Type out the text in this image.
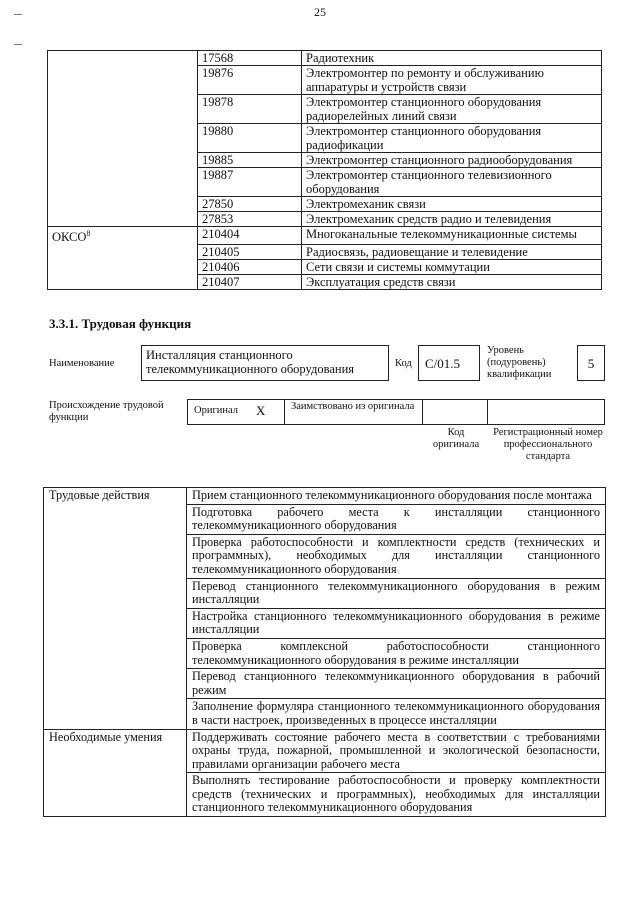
25
	17568	Радиотехник
	19876	Электромонтер по ремонту и обслуживанию аппаратуры и устройств связи
	19878	Электромонтер станционного оборудования радиорелейных линий связи
	19880	Электромонтер станционного оборудования радиофикации
	19885	Электромонтер станционного радиооборудования
	19887	Электромонтер станционного телевизионного оборудования
	27850	Электромеханик связи
	27853	Электромеханик средств радио и телевидения
ОКСО$^8$	210404	Многоканальные телекоммуникационные системы
	210405	Радиосвязь, радиовещание и телевидение
	210406	Сети связи и системы коммутации
	210407	Эксплуатация средств связи
3.3.1. Трудовая функция
Наименование
Инсталляция станционного телекоммуникационного оборудования	Код	C/01.5
Уровень (подуровень) квалификации
5
Происхождение трудовой функции
Оригинал X	Заимствовано из оригинала
Код оригинала
Регистрационный номер профессионального стандарта
Трудовые действия	Прием станционного телекоммуникационного оборудования после монтажа
	Подготовка рабочего места к инсталляции станционного телекоммуникационного оборудования
	Проверка работоспособности и комплектности средств (технических и программных), необходимых для инсталляции станционного телекоммуникационного оборудования
	Перевод станционного телекоммуникационного оборудования в режим инсталляции
	Настройка станционного телекоммуникационного оборудования в режиме инсталляции
	Проверка комплексной работоспособности станционного телекоммуникационного оборудования в режиме инсталляции
	Перевод станционного телекоммуникационного оборудования в рабочий режим
	Заполнение формуляра станционного телекоммуникационного оборудования в части настроек, произведенных в процессе инсталляции
Необходимые умения	Поддерживать состояние рабочего места в соответствии с требованиями охраны труда, пожарной, промышленной и экологической безопасности, правилами организации рабочего места
	Выполнять тестирование работоспособности и проверку комплектности средств (технических и программных), необходимых для инсталляции станционного телекоммуникационного оборудования
